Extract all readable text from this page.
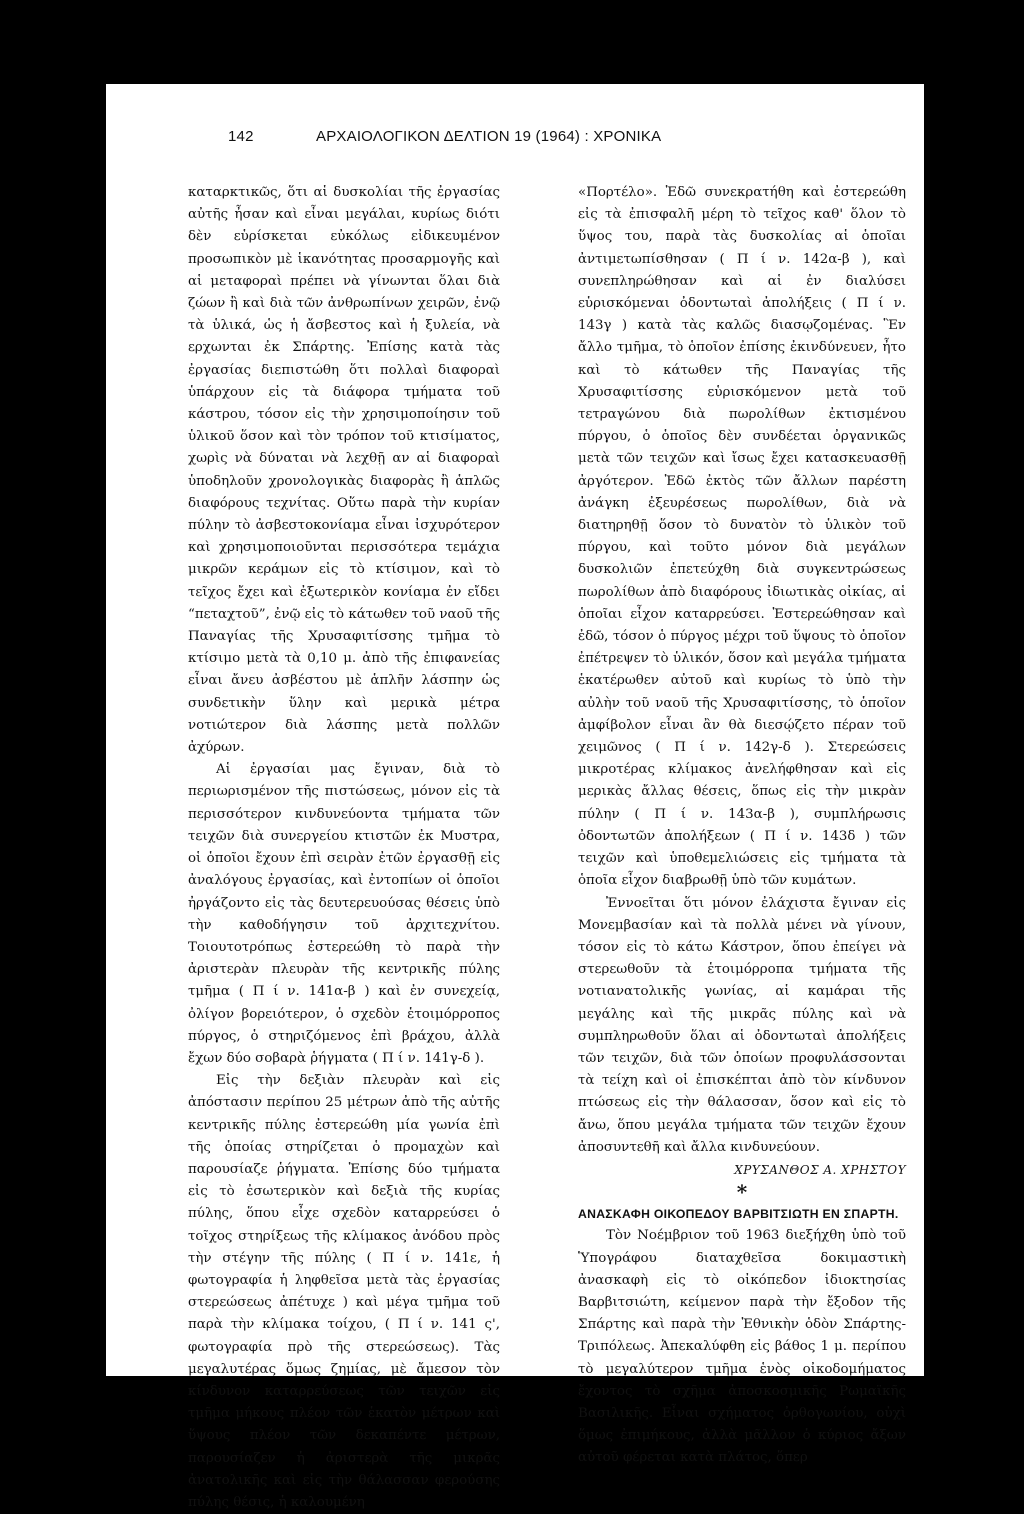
142	ΑΡΧΑΙΟΛΟΓΙΚΟΝ ΔΕΛΤΙΟΝ 19 (1964) : ΧΡΟΝΙΚΑ

καταρκτικῶς, ὅτι αἱ δυσκολίαι τῆς ἐργασίας αὐτῆς ἦσαν καὶ εἶναι μεγάλαι, κυρίως διότι δὲν εὑρίσκεται εὐκόλως εἰδικευμένον προσωπικὸν μὲ ἱκανότητας προσαρμογῆς καὶ αἱ μεταφοραὶ πρέπει νὰ γίνωνται ὅλαι διὰ ζώων ἢ καὶ διὰ τῶν ἀνθρωπίνων χειρῶν, ἐνῷ τὰ ὑλικά, ὡς ἡ ἄσβεστος καὶ ἡ ξυλεία, νὰ ερχωνται ἐκ Σπάρτης. Ἐπίσης κατὰ τὰς ἐργασίας διεπιστώθη ὅτι πολλαὶ διαφοραὶ ὑπάρχουν εἰς τὰ διάφορα τμήματα τοῦ κάστρου, τόσον εἰς τὴν χρησιμοποίησιν τοῦ ὑλικοῦ ὅσον καὶ τὸν τρόπον τοῦ κτισίματος, χωρὶς νὰ δύναται νὰ λεχθῇ αν αἱ διαφοραὶ ὑποδηλοῦν χρονολογικὰς διαφορὰς ἢ ἁπλῶς διαφόρους τεχνίτας. Οὕτω παρὰ τὴν κυρίαν πύλην τὸ ἀσβεστοκονίαμα εἶναι ἰσχυρότερον καὶ χρησιμοποιοῦνται περισσότερα τεμάχια μικρῶν κεράμων εἰς τὸ κτίσιμον, καὶ τὸ τεῖχος ἔχει καὶ ἐξωτερικὸν κονίαμα ἐν εἴδει “πεταχτοῦ”, ἐνῷ εἰς τὸ κάτωθεν τοῦ ναοῦ τῆς Παναγίας τῆς Χρυσαφιτίσσης τμῆμα τὸ κτίσιμο μετὰ τὰ 0,10 μ. ἀπὸ τῆς ἐπιφανείας εἶναι ἄνευ ἀσβέστου μὲ ἁπλῆν λάσπην ὡς συνδετικὴν ὕλην καὶ μερικὰ μέτρα νοτιώτερον διὰ λάσπης μετὰ πολλῶν ἀχύρων.

Αἱ ἐργασίαι μας ἔγιναν, διὰ τὸ περιωρισμένον τῆς πιστώσεως, μόνον εἰς τὰ περισσότερον κινδυνεύοντα τμήματα τῶν τειχῶν διὰ συνεργείου κτιστῶν ἐκ Μυστρα, οἱ ὁποῖοι ἔχουν ἐπὶ σειρὰν ἐτῶν ἐργασθῇ εἰς ἀναλόγους ἐργασίας, καὶ ἐντοπίων οἱ ὁποῖοι ἠργάζοντο εἰς τὰς δευτερευούσας θέσεις ὑπὸ τὴν καθοδήγησιν τοῦ ἀρχιτεχνίτου. Τοιουτοτρόπως ἐστερεώθη τὸ παρὰ τὴν ἀριστερὰν πλευρὰν τῆς κεντρικῆς πύλης τμῆμα ( Π ί ν. 141α-β ) καὶ ἐν συνεχείᾳ, ὀλίγον βορειότερον, ὁ σχεδὸν ἑτοιμόρροπος πύργος, ὁ στηριζόμενος ἐπὶ βράχου, ἀλλὰ ἔχων δύο σοβαρὰ ῥήγματα ( Π ί ν. 141γ-δ ).

Εἰς τὴν δεξιὰν πλευρὰν καὶ εἰς ἀπόστασιν περίπου 25 μέτρων ἀπὸ τῆς αὐτῆς κεντρικῆς πύλης ἐστερεώθη μία γωνία ἐπὶ τῆς ὁποίας στηρίζεται ὁ προμαχὼν καὶ παρουσίαζε ῥήγματα. Ἐπίσης δύο τμήματα εἰς τὸ ἐσωτερικὸν καὶ δεξιὰ τῆς κυρίας πύλης, ὅπου εἶχε σχεδὸν καταρρεύσει ὁ τοῖχος στηρίξεως τῆς κλίμακος ἀνόδου πρὸς τὴν στέγην τῆς πύλης ( Π ί ν. 141ε, ἡ φωτογραφία ἡ ληφθεῖσα μετὰ τὰς ἐργασίας στερεώσεως ἀπέτυχε ) καὶ μέγα τμῆμα τοῦ παρὰ τὴν κλίμακα τοίχου, ( Π ί ν. 141 ς', φωτογραφία πρὸ τῆς στερεώσεως). Τὰς μεγαλυτέρας ὅμως ζημίας, μὲ ἄμεσον τὸν κίνδυνον καταρρεύσεως τῶν τειχῶν εἰς τμῆμα μήκους πλέον τῶν ἑκατὸν μέτρων καὶ ὕψους πλέον τῶν δεκαπέντε μέτρων, παρουσίαζεν ἡ ἀριστερὰ τῆς μικρᾶς ἀνατολικῆς καὶ εἰς τὴν θάλασσαν φερούσης πύλης θέσις, ἡ καλουμένη

«Πορτέλο». Ἐδῶ συνεκρατήθη καὶ ἐστερεώθη εἰς τὰ ἐπισφαλῆ μέρη τὸ τεῖχος καθ' ὅλον τὸ ὕψος του, παρὰ τὰς δυσκολίας αἱ ὁποῖαι ἀντιμετωπίσθησαν ( Π ί ν. 142α-β ), καὶ συνεπληρώθησαν καὶ αἱ ἐν διαλύσει εὑρισκόμεναι ὀδοντωταὶ ἀπολήξεις ( Π ί ν. 143γ ) κατὰ τὰς καλῶς διασῳζομένας. Ἓν ἄλλο τμῆμα, τὸ ὁποῖον ἐπίσης ἐκινδύνευεν, ἦτο καὶ τὸ κάτωθεν τῆς Παναγίας τῆς Χρυσαφιτίσσης εὑρισκόμενον μετὰ τοῦ τετραγώνου διὰ πωρολίθων ἐκτισμένου πύργου, ὁ ὁποῖος δὲν συνδέεται ὀργανικῶς μετὰ τῶν τειχῶν καὶ ἴσως ἔχει κατασκευασθῇ ἀργότερον. Ἐδῶ ἐκτὸς τῶν ἄλλων παρέστη ἀνάγκη ἐξευρέσεως πωρολίθων, διὰ νὰ διατηρηθῇ ὅσον τὸ δυνατὸν τὸ ὑλικὸν τοῦ πύργου, καὶ τοῦτο μόνον διὰ μεγάλων δυσκολιῶν ἐπετεύχθη διὰ συγκεντρώσεως πωρολίθων ἀπὸ διαφόρους ἰδιωτικὰς οἰκίας, αἱ ὁποῖαι εἶχον καταρρεύσει. Ἐστερεώθησαν καὶ ἐδῶ, τόσον ὁ πύργος μέχρι τοῦ ὕψους τὸ ὁποῖον ἐπέτρεψεν τὸ ὑλικόν, ὅσον καὶ μεγάλα τμήματα ἑκατέρωθεν αὐτοῦ καὶ κυρίως τὸ ὑπὸ τὴν αὐλὴν τοῦ ναοῦ τῆς Χρυσαφιτίσσης, τὸ ὁποῖον ἀμφίβολον εἶναι ἂν θὰ διεσῴζετο πέραν τοῦ χειμῶνος ( Π ί ν. 142γ-δ ). Στερεώσεις μικροτέρας κλίμακος ἀνελήφθησαν καὶ εἰς μερικὰς ἄλλας θέσεις, ὅπως εἰς τὴν μικρὰν πύλην ( Π ί ν. 143α-β ), συμπλήρωσις ὀδοντωτῶν ἀπολήξεων ( Π ί ν. 143δ ) τῶν τειχῶν καὶ ὑποθεμελιώσεις εἰς τμήματα τὰ ὁποῖα εἶχον διαβρωθῇ ὑπὸ τῶν κυμάτων.

Ἐννοεῖται ὅτι μόνον ἐλάχιστα ἔγιναν εἰς Μονεμβασίαν καὶ τὰ πολλὰ μένει νὰ γίνουν, τόσον εἰς τὸ κάτω Κάστρον, ὅπου ἐπείγει νὰ στερεωθοῦν τὰ ἑτοιμόρροπα τμήματα τῆς νοτιανατολικῆς γωνίας, αἱ καμάραι τῆς μεγάλης καὶ τῆς μικρᾶς πύλης καὶ νὰ συμπληρωθοῦν ὅλαι αἱ ὀδοντωταὶ ἀπολήξεις τῶν τειχῶν, διὰ τῶν ὁποίων προφυλάσσονται τὰ τείχη καὶ οἱ ἐπισκέπται ἀπὸ τὸν κίνδυνον πτώσεως εἰς τὴν θάλασσαν, ὅσον καὶ εἰς τὸ ἄνω, ὅπου μεγάλα τμήματα τῶν τειχῶν ἔχουν ἀποσυντεθῆ καὶ ἄλλα κινδυνεύουν.

ΧΡΥΣΑΝΘΟΣ Α. ΧΡΗΣΤΟΥ

*

ΑΝΑΣΚΑΦΗ ΟΙΚΟΠΕΔΟΥ ΒΑΡΒΙΤΣΙΩΤΗ ΕΝ ΣΠΑΡΤΗ.

Τὸν Νοέμβριον τοῦ 1963 διεξήχθη ὑπὸ τοῦ Ὑπογράφου διαταχθεῖσα δοκιμαστικὴ ἀνασκαφὴ εἰς τὸ οἰκόπεδον ἰδιοκτησίας Βαρβιτσιώτη, κείμενον παρὰ τὴν ἔξοδον τῆς Σπάρτης καὶ παρὰ τὴν Ἐθνικὴν ὁδὸν Σπάρτης-Τριπόλεως. Ἀπεκαλύφθη εἰς βάθος 1 μ. περίπου τὸ μεγαλύτερον τμῆμα ἑνὸς οἰκοδομήματος ἔχοντος τὸ σχῆμα ἀποσκοσμικῆς Ρωμαϊκῆς Βασιλικῆς. Εἶναι σχήματος ὀρθογωνίου, οὐχὶ ὅμως ἐπιμήκους, ἀλλὰ μᾶλλον ὁ κύριος ἄξων αὐτοῦ φέρεται κατὰ πλάτος, ὅπερ
